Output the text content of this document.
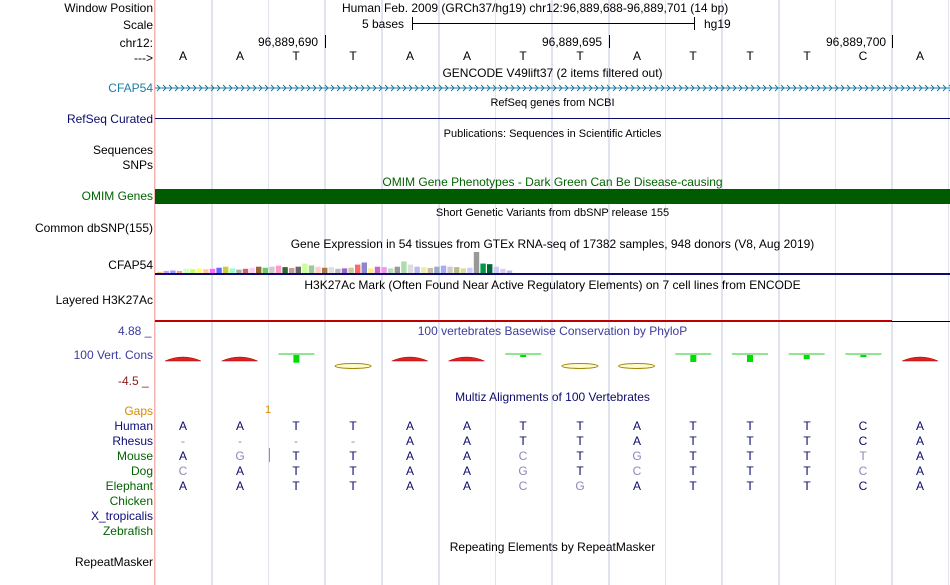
Window Position	Human Feb. 2009 (GRCh37/hg19) chr12:96,889,688-96,889,701 (14 bp)
Scale	5 bases	hg19
chr12:	96,889,690	96,889,695	96,889,700
--->	A	A	T	T	A	A	T	T	A	T	T	T	C	A
GENCODE V49lift37 (2 items filtered out)
CFAP54
RefSeq genes from NCBI
RefSeq Curated
Publications: Sequences in Scientific Articles
Sequences
SNPs
OMIM Gene Phenotypes - Dark Green Can Be Disease-causing
OMIM Genes
Short Genetic Variants from dbSNP release 155
Common dbSNP(155)
Gene Expression in 54 tissues from GTEx RNA-seq of 17382 samples, 948 donors (V8, Aug 2019)
CFAP54
H3K27Ac Mark (Often Found Near Active Regulatory Elements) on 7 cell lines from ENCODE
Layered H3K27Ac
4.88 _	100 vertebrates Basewise Conservation by PhyloP
100 Vert. Cons
-4.5 _
Multiz Alignments of 100 Vertebrates
Gaps	1
Human	A	A	T	T	A	A	T	T	A	T	T	T	C	A
Rhesus	-	-	-	-	A	A	T	T	A	T	T	T	C	A
Mouse	A	G	T	T	A	A	C	T	G	T	T	T	T	A
Dog	C	A	T	T	A	A	G	T	C	T	T	T	C	A
Elephant	A	A	T	T	A	A	C	G	A	T	T	T	C	A
Chicken
X_tropicalis
Zebrafish
Repeating Elements by RepeatMasker
RepeatMasker
